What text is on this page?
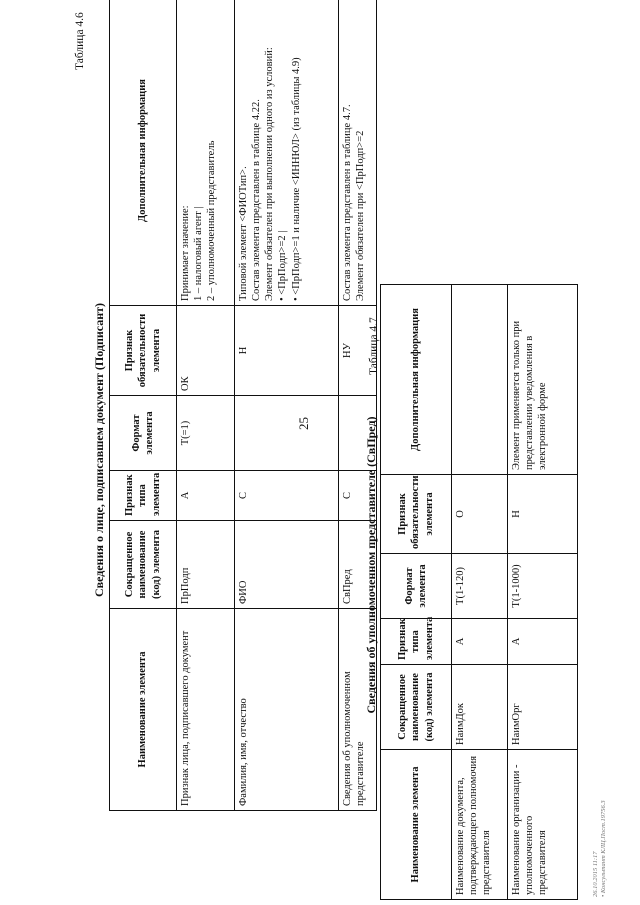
25
Таблица 4.6
Сведения о лице, подписавшем документ (Подписант)
Наименование элемента	Сокращенное наименование (код) элемента	Признак типа элемента	Формат элемента	Признак обязательности элемента	Дополнительная информация
Признак лица, подписавшего документ	ПрПодп	А	Т(=1)	ОК	Принимает значение: 1 – налоговый агент | 2 – уполномоченный представитель

Фамилия, имя, отчество	ФИО	С		Н	Типовой элемент <ФИОТип>. Состав элемента представлен в таблице 4.22. Элемент обязателен при выполнении одного из условий: • <ПрПодп>=2 | • <ПрПодп>=1 и наличие <ИННЮЛ> (из таблицы 4.9)

Сведения об уполномоченном представителе	СвПред	С		НУ	Состав элемента представлен в таблице 4.7. Элемент обязателен при <ПрПодп>=2
Таблица 4.7
Сведения об уполномоченном представителе (СвПред)
Наименование элемента	Сокращенное наименование (код) элемента	Признак типа элемента	Формат элемента	Признак обязательности элемента	Дополнительная информация
Наименование документа, подтверждающего полномочия представителя	НаимДок	А	Т(1-120)	О	

Наименование организации - уполномоченного представителя	НаимОрг	А	Т(1-1000)	Н	Элемент применяется только при представлении уведомления в электронной форме
26.10.2015 11:17 • Консультант КЛЦ.Пост.19756.3
